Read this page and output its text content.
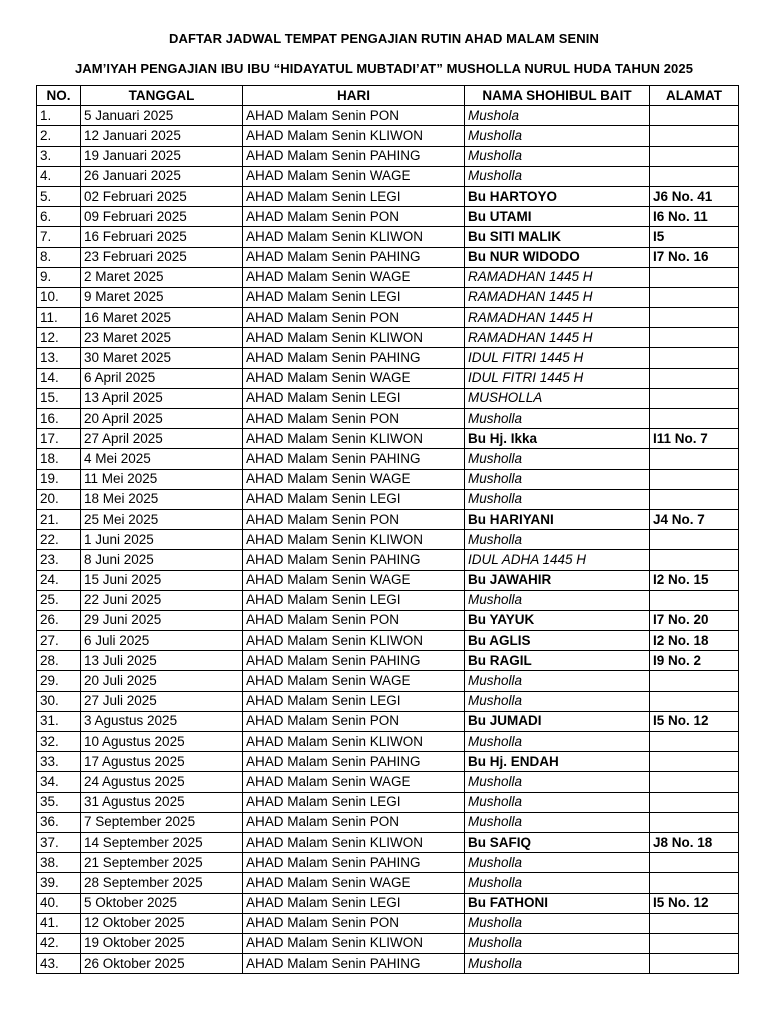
DAFTAR JADWAL TEMPAT PENGAJIAN RUTIN AHAD MALAM SENIN
JAM’IYAH PENGAJIAN IBU IBU “HIDAYATUL MUBTADI’AT” MUSHOLLA NURUL HUDA TAHUN 2025
NO.	TANGGAL	HARI	NAMA SHOHIBUL BAIT	ALAMAT
1.	5 Januari 2025	AHAD Malam Senin PON	Mushola	
2.	12 Januari 2025	AHAD Malam Senin KLIWON	Musholla	
3.	19 Januari 2025	AHAD Malam Senin PAHING	Musholla	
4.	26 Januari 2025	AHAD Malam Senin WAGE	Musholla	
5.	02 Februari 2025	AHAD Malam Senin LEGI	Bu HARTOYO	J6 No. 41
6.	09 Februari 2025	AHAD Malam Senin PON	Bu UTAMI	I6 No. 11
7.	16 Februari 2025	AHAD Malam Senin KLIWON	Bu SITI MALIK	I5
8.	23 Februari 2025	AHAD Malam Senin PAHING	Bu NUR WIDODO	I7 No. 16
9.	2 Maret 2025	AHAD Malam Senin WAGE	RAMADHAN 1445 H	
10.	9 Maret 2025	AHAD Malam Senin LEGI	RAMADHAN 1445 H	
11.	16 Maret 2025	AHAD Malam Senin PON	RAMADHAN 1445 H	
12.	23 Maret 2025	AHAD Malam Senin KLIWON	RAMADHAN 1445 H	
13.	30 Maret 2025	AHAD Malam Senin PAHING	IDUL FITRI 1445 H	
14.	6 April 2025	AHAD Malam Senin WAGE	IDUL FITRI 1445 H	
15.	13 April 2025	AHAD Malam Senin LEGI	MUSHOLLA	
16.	20 April 2025	AHAD Malam Senin PON	Musholla	
17.	27 April 2025	AHAD Malam Senin KLIWON	Bu Hj. Ikka	I11 No. 7
18.	4 Mei 2025	AHAD Malam Senin PAHING	Musholla	
19.	11 Mei 2025	AHAD Malam Senin WAGE	Musholla	
20.	18 Mei 2025	AHAD Malam Senin LEGI	Musholla	
21.	25 Mei 2025	AHAD Malam Senin PON	Bu HARIYANI	J4 No. 7
22.	1 Juni 2025	AHAD Malam Senin KLIWON	Musholla	
23.	8 Juni 2025	AHAD Malam Senin PAHING	IDUL ADHA 1445 H	
24.	15 Juni 2025	AHAD Malam Senin WAGE	Bu JAWAHIR	I2 No. 15
25.	22 Juni 2025	AHAD Malam Senin LEGI	Musholla	
26.	29 Juni 2025	AHAD Malam Senin PON	Bu YAYUK	I7 No. 20
27.	6 Juli 2025	AHAD Malam Senin KLIWON	Bu AGLIS	I2 No. 18
28.	13 Juli 2025	AHAD Malam Senin PAHING	Bu RAGIL	I9 No. 2
29.	20 Juli 2025	AHAD Malam Senin WAGE	Musholla	
30.	27 Juli 2025	AHAD Malam Senin LEGI	Musholla	
31.	3 Agustus 2025	AHAD Malam Senin PON	Bu JUMADI	I5 No. 12
32.	10 Agustus 2025	AHAD Malam Senin KLIWON	Musholla	
33.	17 Agustus 2025	AHAD Malam Senin PAHING	Bu Hj. ENDAH	
34.	24 Agustus 2025	AHAD Malam Senin WAGE	Musholla	
35.	31 Agustus 2025	AHAD Malam Senin LEGI	Musholla	
36.	7 September 2025	AHAD Malam Senin PON	Musholla	
37.	14 September 2025	AHAD Malam Senin KLIWON	Bu SAFIQ	J8 No. 18
38.	21 September 2025	AHAD Malam Senin PAHING	Musholla	
39.	28 September 2025	AHAD Malam Senin WAGE	Musholla	
40.	5 Oktober 2025	AHAD Malam Senin LEGI	Bu FATHONI	I5 No. 12
41.	12 Oktober 2025	AHAD Malam Senin PON	Musholla	
42.	19 Oktober 2025	AHAD Malam Senin KLIWON	Musholla	
43.	26 Oktober 2025	AHAD Malam Senin PAHING	Musholla	
